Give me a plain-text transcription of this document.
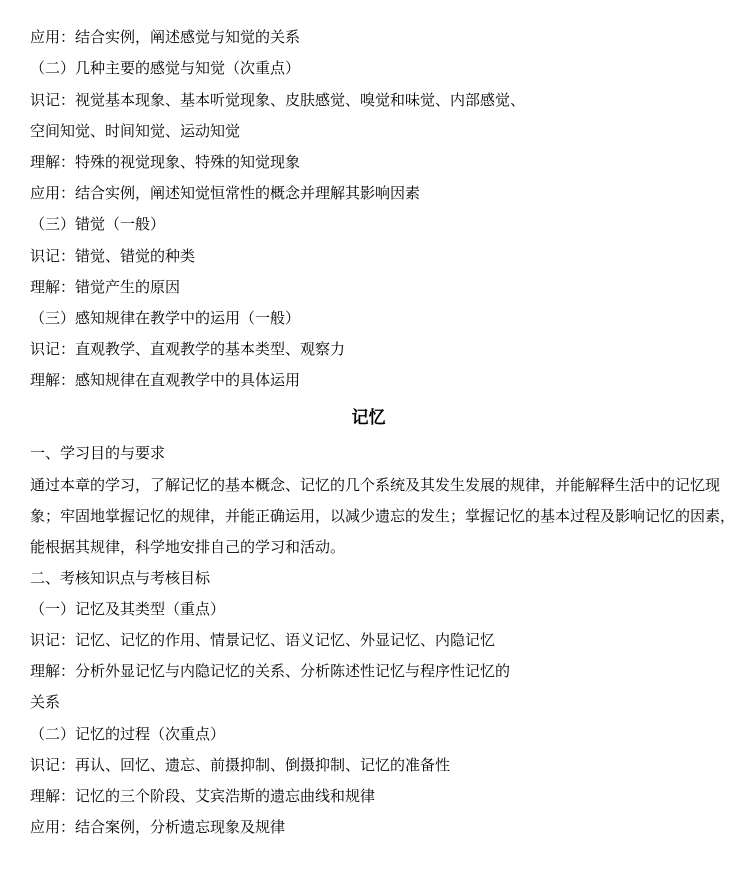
应用：结合实例，阐述感觉与知觉的关系
（二）几种主要的感觉与知觉（次重点）
识记：视觉基本现象、基本听觉现象、皮肤感觉、嗅觉和味觉、内部感觉、
空间知觉、时间知觉、运动知觉
理解：特殊的视觉现象、特殊的知觉现象
应用：结合实例，阐述知觉恒常性的概念并理解其影响因素
（三）错觉（一般）
识记：错觉、错觉的种类
理解：错觉产生的原因
（三）感知规律在教学中的运用（一般）
识记：直观教学、直观教学的基本类型、观察力
理解：感知规律在直观教学中的具体运用
记忆
一、学习目的与要求
通过本章的学习，了解记忆的基本概念、记忆的几个系统及其发生发展的规律，并能解释生活中的记忆现象；牢固地掌握记忆的规律，并能正确运用，以减少遗忘的发生；掌握记忆的基本过程及影响记忆的因素，能根据其规律，科学地安排自己的学习和活动。
二、考核知识点与考核目标
（一）记忆及其类型（重点）
识记：记忆、记忆的作用、情景记忆、语义记忆、外显记忆、内隐记忆
理解：分析外显记忆与内隐记忆的关系、分析陈述性记忆与程序性记忆的
关系
（二）记忆的过程（次重点）
识记：再认、回忆、遗忘、前摄抑制、倒摄抑制、记忆的准备性
理解：记忆的三个阶段、艾宾浩斯的遗忘曲线和规律
应用：结合案例，分析遗忘现象及规律
